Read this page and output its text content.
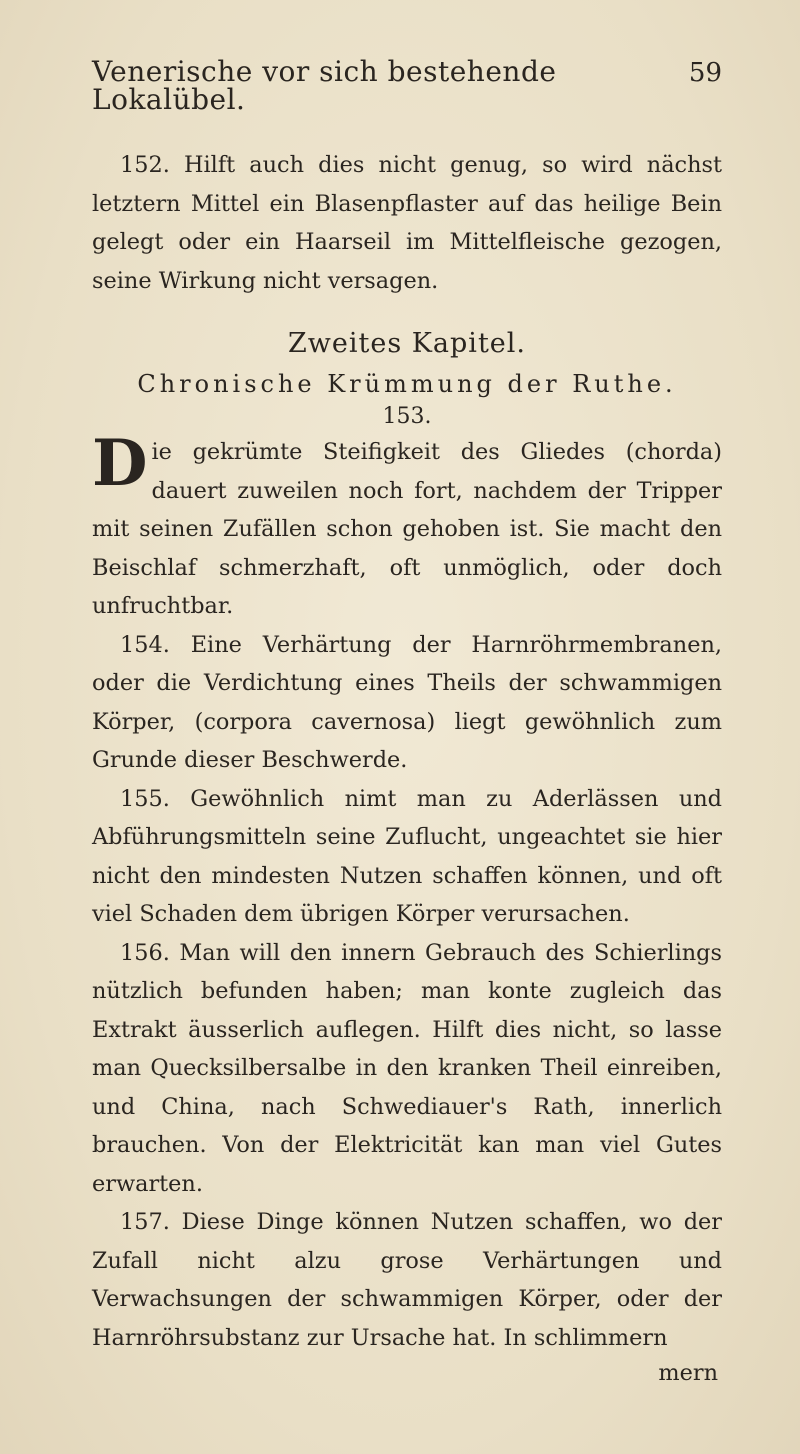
Venerische vor sich bestehende Lokalübel.
59

152. Hilft auch dies nicht genug, so wird nächst letztern Mittel ein Blasenpflaster auf das heilige Bein gelegt oder ein Haarseil im Mittelfleische gezogen, seine Wirkung nicht versagen.

Zweites Kapitel.
Chronische Krümmung der Ruthe.
153.

Die gekrümte Steifigkeit des Gliedes (chorda) dauert zuweilen noch fort, nachdem der Tripper mit seinen Zufällen schon gehoben ist. Sie macht den Beischlaf schmerzhaft, oft unmöglich, oder doch unfruchtbar.

154. Eine Verhärtung der Harnröhrmembranen, oder die Verdichtung eines Theils der schwammigen Körper, (corpora cavernosa) liegt gewöhnlich zum Grunde dieser Beschwerde.

155. Gewöhnlich nimt man zu Aderlässen und Abführungsmitteln seine Zuflucht, ungeachtet sie hier nicht den mindesten Nutzen schaffen können, und oft viel Schaden dem übrigen Körper verursachen.

156. Man will den innern Gebrauch des Schierlings nützlich befunden haben; man konte zugleich das Extrakt äusserlich auflegen. Hilft dies nicht, so lasse man Quecksilbersalbe in den kranken Theil einreiben, und China, nach Schwediauer's Rath, innerlich brauchen. Von der Elektricität kan man viel Gutes erwarten.

157. Diese Dinge können Nutzen schaffen, wo der Zufall nicht alzu grose Verhärtungen und Verwachsungen der schwammigen Körper, oder der Harnröhrsubstanz zur Ursache hat. In schlimmern

mern
